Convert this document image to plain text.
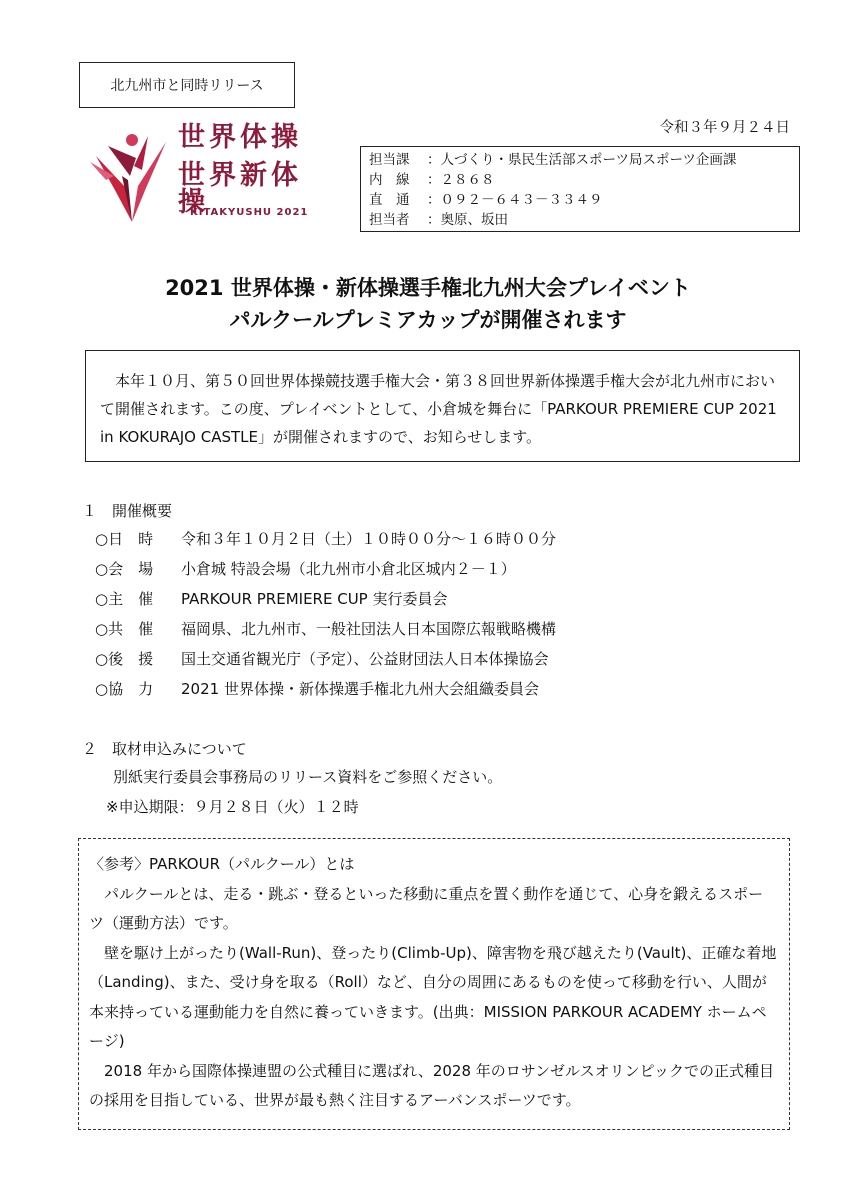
北九州市と同時リリース
世界体操
世界新体操
KITAKYUSHU 2021
令和３年９月２４日
担当課	：人づくり・県民生活部スポーツ局スポーツ企画課
内　線	：２８６８
直　通	：０９２－６４３－３３４９
担当者	：奥原、坂田
2021 世界体操・新体操選手権北九州大会プレイベント
パルクールプレミアカップが開催されます

　本年１０月、第５０回世界体操競技選手権大会・第３８回世界新体操選手権大会が北九州市において開催されます。この度、プレイベントとして、小倉城を舞台に「PARKOUR PREMIERE CUP 2021 in KOKURAJO CASTLE」が開催されますので、お知らせします。

１　開催概要
○日　時	令和３年１０月２日（土）１０時００分～１６時００分
○会　場	小倉城 特設会場（北九州市小倉北区城内２－１）
○主　催	PARKOUR PREMIERE CUP 実行委員会
○共　催	福岡県、北九州市、一般社団法人日本国際広報戦略機構
○後　援	国土交通省観光庁（予定）、公益財団法人日本体操協会
○協　力	2021 世界体操・新体操選手権北九州大会組織委員会
２　取材申込みについて
別紙実行委員会事務局のリリース資料をご参照ください。
※申込期限：９月２８日（火）１２時

〈参考〉PARKOUR（パルクール）とは

　パルクールとは、走る・跳ぶ・登るといった移動に重点を置く動作を通じて、心身を鍛えるスポーツ（運動方法）です。

　壁を駆け上がったり(Wall-Run)、登ったり(Climb-Up)、障害物を飛び越えたり(Vault)、正確な着地（Landing)、また、受け身を取る（Roll）など、自分の周囲にあるものを使って移動を行い、人間が本来持っている運動能力を自然に養っていきます。(出典：MISSION PARKOUR ACADEMY ホームページ)

　2018 年から国際体操連盟の公式種目に選ばれ、2028 年のロサンゼルスオリンピックでの正式種目の採用を目指している、世界が最も熱く注目するアーバンスポーツです。
